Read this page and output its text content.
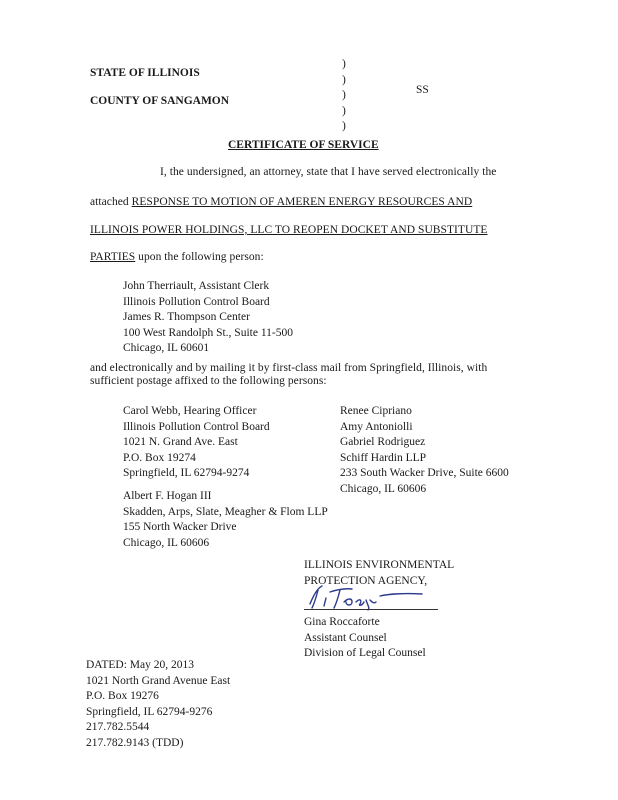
STATE OF ILLINOIS
COUNTY OF SANGAMON
)
)
)
)
)
SS
CERTIFICATE OF SERVICE
I, the undersigned, an attorney, state that I have served electronically the
attached RESPONSE TO MOTION OF AMEREN ENERGY RESOURCES AND
ILLINOIS POWER HOLDINGS, LLC TO REOPEN DOCKET AND SUBSTITUTE
PARTIES upon the following person:
John Therriault, Assistant Clerk
Illinois Pollution Control Board
James R. Thompson Center
100 West Randolph St., Suite 11-500
Chicago, IL 60601
and electronically and by mailing it by first-class mail from Springfield, Illinois, with
sufficient postage affixed to the following persons:
Carol Webb, Hearing Officer
Illinois Pollution Control Board
1021 N. Grand Ave. East
P.O. Box 19274
Springfield, IL 62794-9274
Renee Cipriano
Amy Antoniolli
Gabriel Rodriguez
Schiff Hardin LLP
233 South Wacker Drive, Suite 6600
Chicago, IL 60606
Albert F. Hogan III
Skadden, Arps, Slate, Meagher & Flom LLP
155 North Wacker Drive
Chicago, IL 60606
ILLINOIS ENVIRONMENTAL
PROTECTION AGENCY,
Gina Roccaforte
Assistant Counsel
Division of Legal Counsel
DATED: May 20, 2013
1021 North Grand Avenue East
P.O. Box 19276
Springfield, IL 62794-9276
217.782.5544
217.782.9143 (TDD)
